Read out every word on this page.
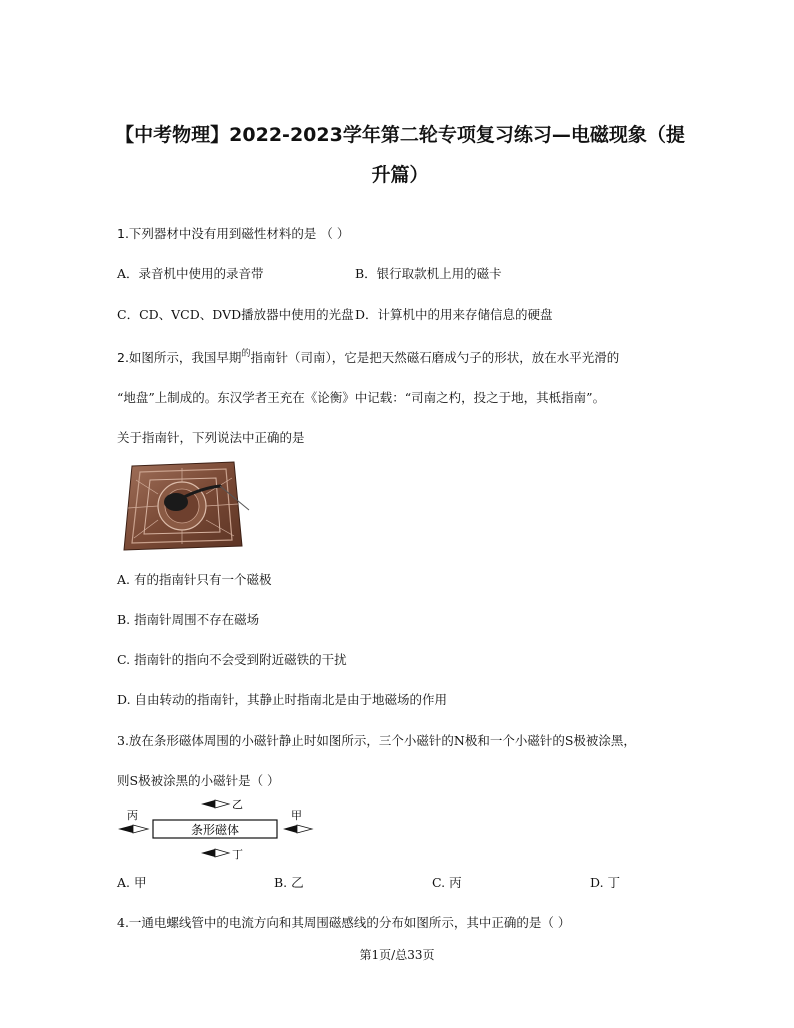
【中考物理】2022-2023学年第二轮专项复习练习—电磁现象（提
升篇）
1.下列器材中没有用到磁性材料的是 （ ）
A．录音机中使用的录音带	B．银行取款机上用的磁卡
C．CD、VCD、DVD播放器中使用的光盘 D．计算机中的用来存储信息的硬盘
2.如图所示，我国早期$^的$指南针（司南），它是把天然磁石磨成勺子的形状，放在水平光滑的
“地盘”上制成的。东汉学者王充在《论衡》中记载：“司南之杓，投之于地，其柢指南”。
关于指南针，下列说法中正确的是
A. 有的指南针只有一个磁极
B. 指南针周围不存在磁场
C. 指南针的指向不会受到附近磁铁的干扰
D. 自由转动的指南针，其静止时指南北是由于地磁场的作用
3.放在条形磁体周围的小磁针静止时如图所示，三个小磁针的N极和一个小磁针的S极被涂黑，
则S极被涂黑的小磁针是（ ）
条形磁体
丙
乙
甲
丁
A. 甲	B. 乙	C. 丙	D. 丁
4.一通电螺线管中的电流方向和其周围磁感线的分布如图所示，其中正确的是（ ）
第1页/总33页
